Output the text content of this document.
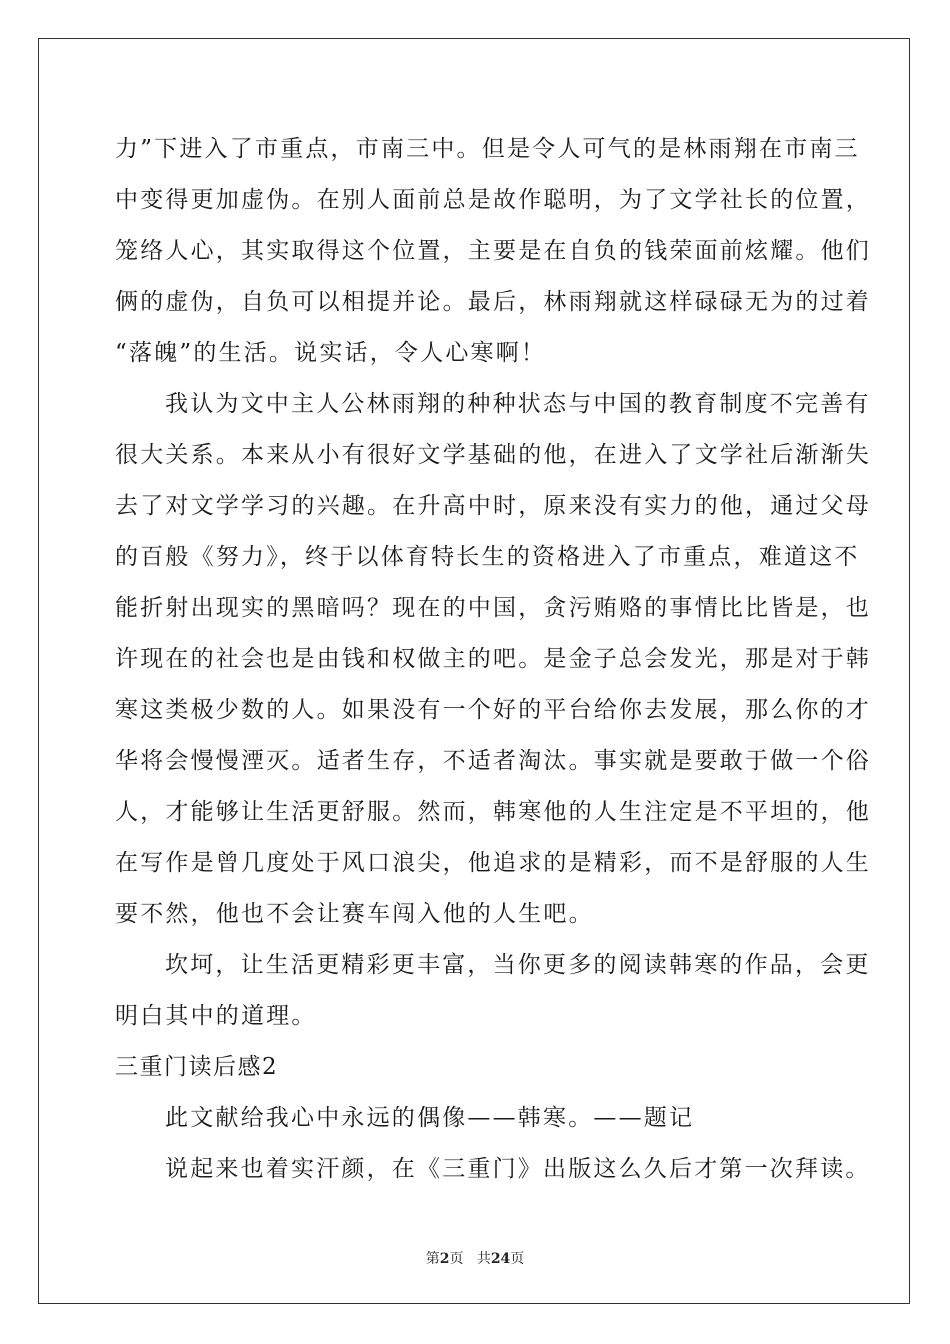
力”下进入了市重点，市南三中。但是令人可气的是林雨翔在市南三

中变得更加虚伪。在别人面前总是故作聪明，为了文学社长的位置，

笼络人心，其实取得这个位置，主要是在自负的钱荣面前炫耀。他们

俩的虚伪，自负可以相提并论。最后，林雨翔就这样碌碌无为的过着

“落魄”的生活。说实话，令人心寒啊！

我认为文中主人公林雨翔的种种状态与中国的教育制度不完善有

很大关系。本来从小有很好文学基础的他，在进入了文学社后渐渐失

去了对文学学习的兴趣。在升高中时，原来没有实力的他，通过父母

的百般《努力》，终于以体育特长生的资格进入了市重点，难道这不

能折射出现实的黑暗吗？现在的中国，贪污贿赂的事情比比皆是，也

许现在的社会也是由钱和权做主的吧。是金子总会发光，那是对于韩

寒这类极少数的人。如果没有一个好的平台给你去发展，那么你的才

华将会慢慢湮灭。适者生存，不适者淘汰。事实就是要敢于做一个俗

人，才能够让生活更舒服。然而，韩寒他的人生注定是不平坦的，他

在写作是曾几度处于风口浪尖，他追求的是精彩，而不是舒服的人生

要不然，他也不会让赛车闯入他的人生吧。

坎坷，让生活更精彩更丰富，当你更多的阅读韩寒的作品，会更

明白其中的道理。

三重门读后感2

此文献给我心中永远的偶像——韩寒。——题记

说起来也着实汗颜，在《三重门》出版这么久后才第一次拜读。

第2页 共24页
